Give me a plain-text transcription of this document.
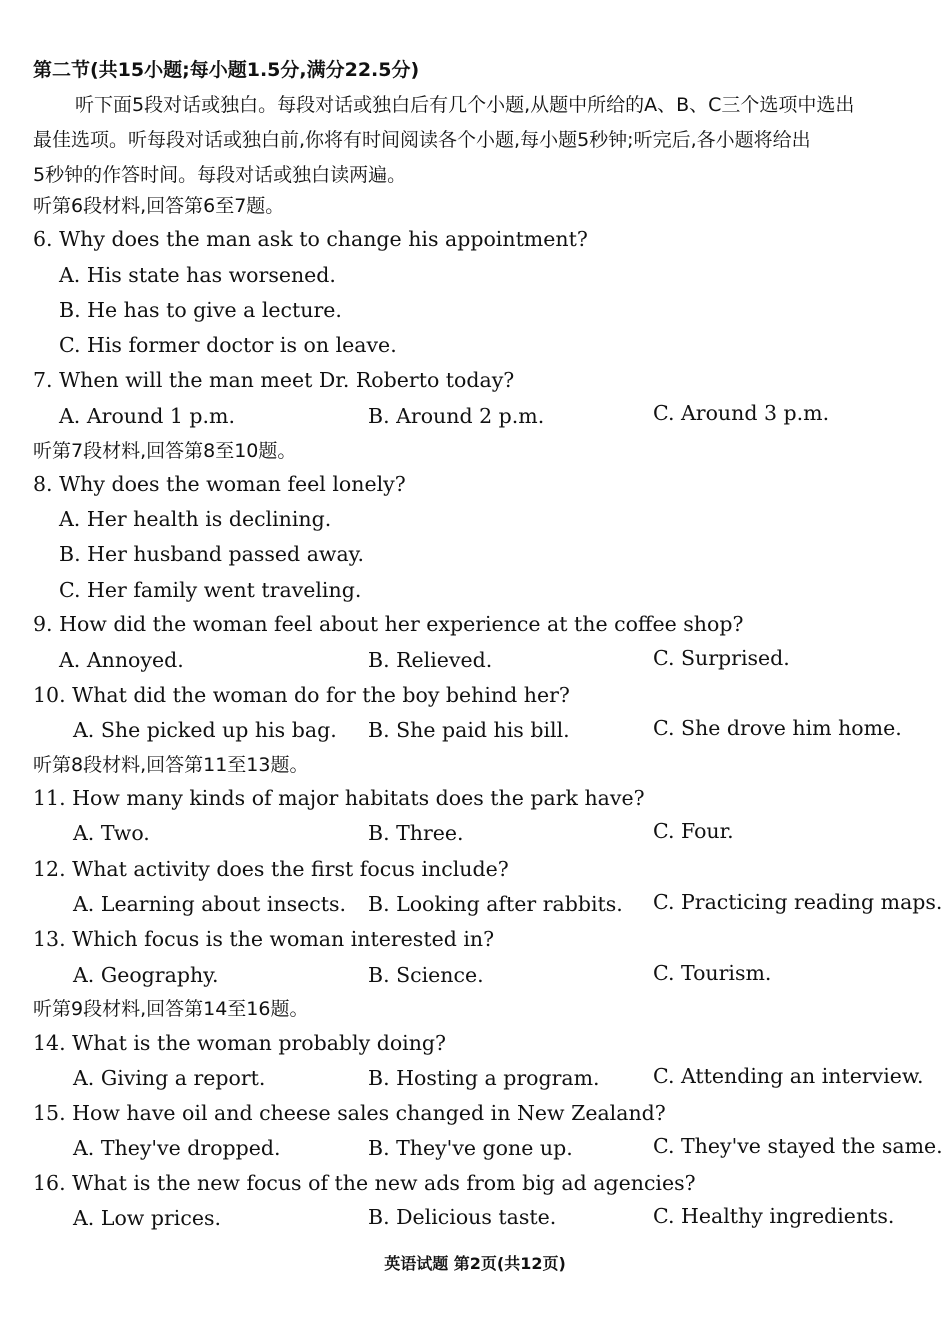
第二节(共15小题;每小题1.5分,满分22.5分)
听下面5段对话或独白。每段对话或独白后有几个小题,从题中所给的A、B、C三个选项中选出
最佳选项。听每段对话或独白前,你将有时间阅读各个小题,每小题5秒钟;听完后,各小题将给出
5秒钟的作答时间。每段对话或独白读两遍。
听第6段材料,回答第6至7题。
6. Why does the man ask to change his appointment?
A. His state has worsened.
B. He has to give a lecture.
C. His former doctor is on leave.
7. When will the man meet Dr. Roberto today?
A. Around 1 p.m.	B. Around 2 p.m.	C. Around 3 p.m.
听第7段材料,回答第8至10题。
8. Why does the woman feel lonely?
A. Her health is declining.
B. Her husband passed away.
C. Her family went traveling.
9. How did the woman feel about her experience at the coffee shop?
A. Annoyed.	B. Relieved.	C. Surprised.
10. What did the woman do for the boy behind her?
A. She picked up his bag. B. She paid his bill.	C. She drove him home.
听第8段材料,回答第11至13题。
11. How many kinds of major habitats does the park have?
A. Two.	B. Three.	C. Four.
12. What activity does the first focus include?
A. Learning about insects. B. Looking after rabbits. C. Practicing reading maps.
13. Which focus is the woman interested in?
A. Geography.	B. Science.	C. Tourism.
听第9段材料,回答第14至16题。
14. What is the woman probably doing?
A. Giving a report.	B. Hosting a program.	C. Attending an interview.
15. How have oil and cheese sales changed in New Zealand?
A. They've dropped.	B. They've gone up.	C. They've stayed the same.
16. What is the new focus of the new ads from big ad agencies?
A. Low prices.	B. Delicious taste.	C. Healthy ingredients.
英语试题 第2页(共12页)
